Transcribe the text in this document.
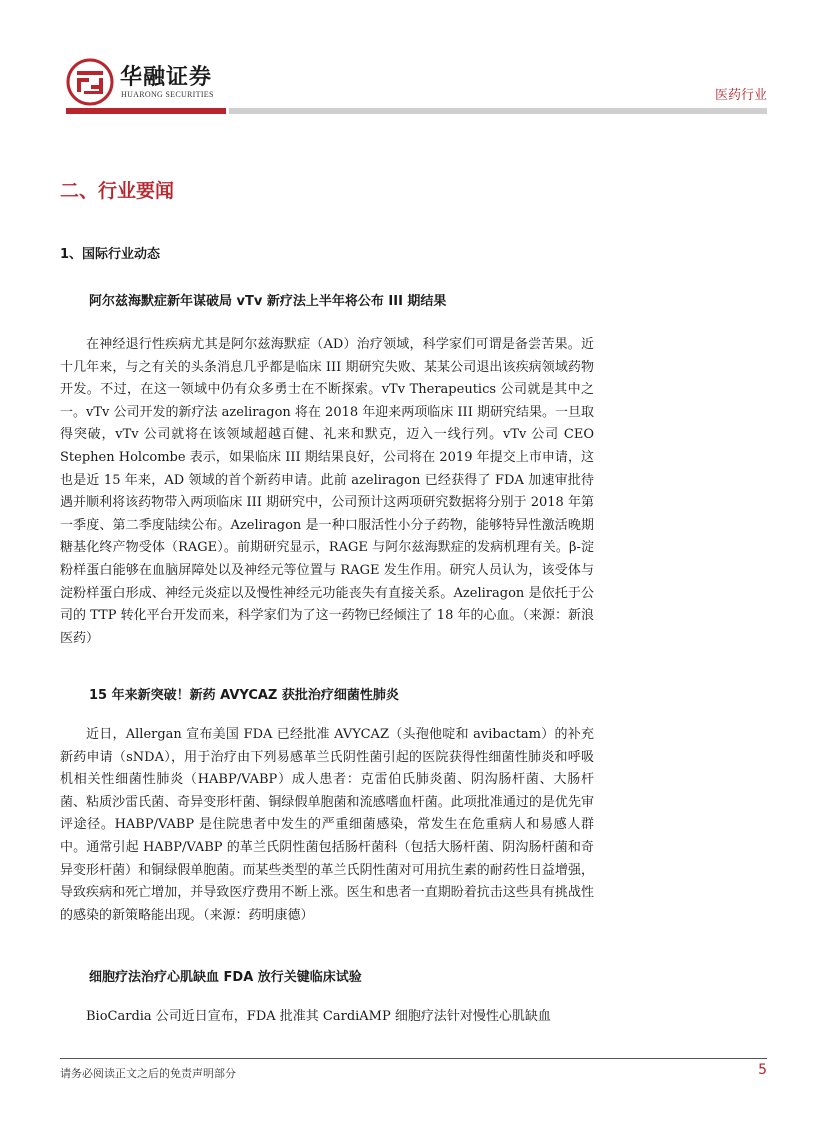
华融证券
HUARONG SECURITIES	医药行业
二、行业要闻
1、国际行业动态
阿尔兹海默症新年谋破局 vTv 新疗法上半年将公布 III 期结果
在神经退行性疾病尤其是阿尔兹海默症（AD）治疗领域，科学家们可谓是备尝苦果。近十几年来，与之有关的头条消息几乎都是临床 III 期研究失败、某某公司退出该疾病领域药物开发。不过，在这一领域中仍有众多勇士在不断探索。vTv Therapeutics 公司就是其中之一。vTv 公司开发的新疗法 azeliragon 将在 2018 年迎来两项临床 III 期研究结果。一旦取得突破，vTv 公司就将在该领域超越百健、礼来和默克，迈入一线行列。vTv 公司 CEO Stephen Holcombe 表示，如果临床 III 期结果良好，公司将在 2019 年提交上市申请，这也是近 15 年来，AD 领域的首个新药申请。此前 azeliragon 已经获得了 FDA 加速审批待遇并顺利将该药物带入两项临床 III 期研究中，公司预计这两项研究数据将分别于 2018 年第一季度、第二季度陆续公布。Azeliragon 是一种口服活性小分子药物，能够特异性激活晚期糖基化终产物受体（RAGE）。前期研究显示，RAGE 与阿尔兹海默症的发病机理有关。β-淀粉样蛋白能够在血脑屏障处以及神经元等位置与 RAGE 发生作用。研究人员认为，该受体与淀粉样蛋白形成、神经元炎症以及慢性神经元功能丧失有直接关系。Azeliragon 是依托于公司的 TTP 转化平台开发而来，科学家们为了这一药物已经倾注了 18 年的心血。（来源：新浪医药）
15 年来新突破！新药 AVYCAZ 获批治疗细菌性肺炎
近日，Allergan 宣布美国 FDA 已经批准 AVYCAZ（头孢他啶和 avibactam）的补充新药申请（sNDA），用于治疗由下列易感革兰氏阴性菌引起的医院获得性细菌性肺炎和呼吸机相关性细菌性肺炎（HABP/VABP）成人患者：克雷伯氏肺炎菌、阴沟肠杆菌、大肠杆菌、粘质沙雷氏菌、奇异变形杆菌、铜绿假单胞菌和流感嗜血杆菌。此项批准通过的是优先审评途径。HABP/VABP 是住院患者中发生的严重细菌感染，常发生在危重病人和易感人群中。通常引起 HABP/VABP 的革兰氏阴性菌包括肠杆菌科（包括大肠杆菌、阴沟肠杆菌和奇异变形杆菌）和铜绿假单胞菌。而某些类型的革兰氏阴性菌对可用抗生素的耐药性日益增强，导致疾病和死亡增加，并导致医疗费用不断上涨。医生和患者一直期盼着抗击这些具有挑战性的感染的新策略能出现。（来源：药明康德）
细胞疗法治疗心肌缺血 FDA 放行关键临床试验
BioCardia 公司近日宣布，FDA 批准其 CardiAMP 细胞疗法针对慢性心肌缺血
请务必阅读正文之后的免责声明部分	5
